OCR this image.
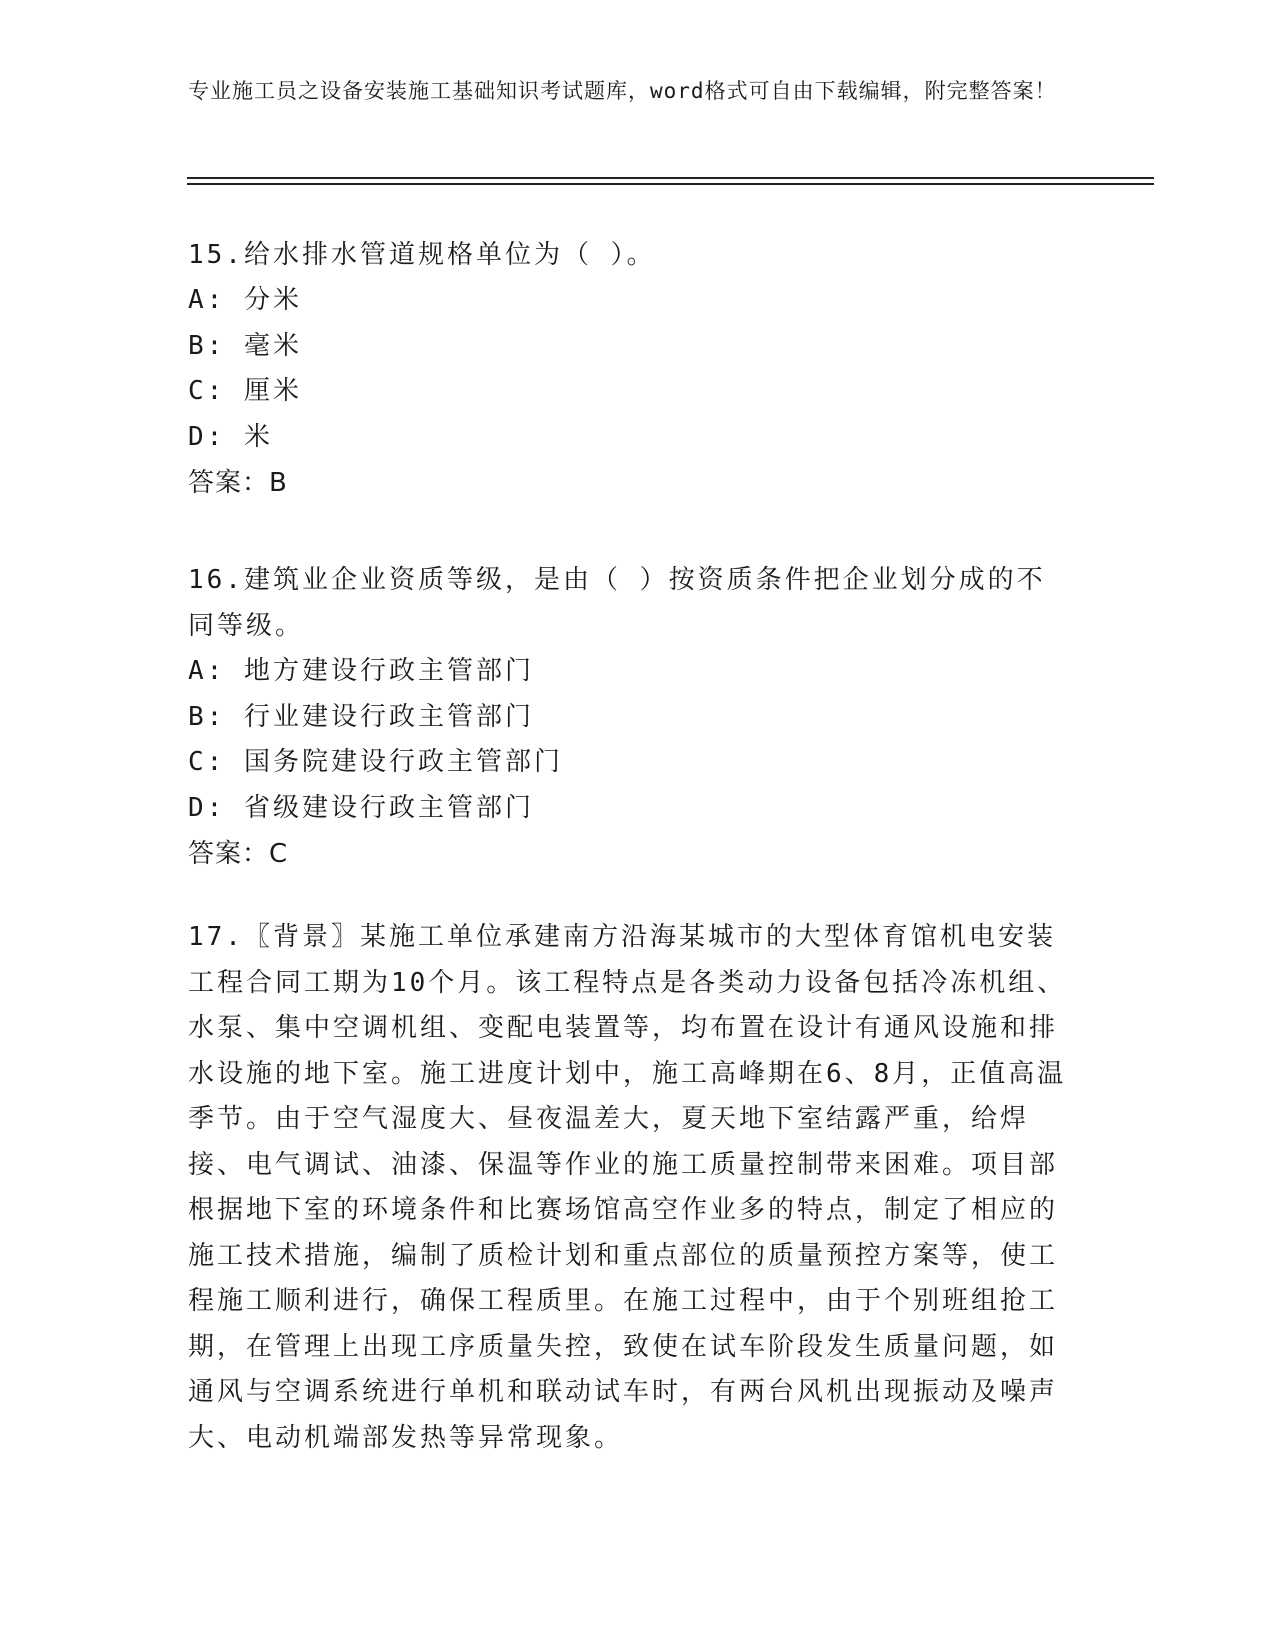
专业施工员之设备安装施工基础知识考试题库，word格式可自由下载编辑，附完整答案！

15.给水排水管道规格单位为（ ）。

A: 分米

B: 毫米

C: 厘米

D: 米

答案：B

16.建筑业企业资质等级，是由（ ）按资质条件把企业划分成的不同等级。

A: 地方建设行政主管部门

B: 行业建设行政主管部门

C: 国务院建设行政主管部门

D: 省级建设行政主管部门

答案：C

17.〖背景〗某施工单位承建南方沿海某城市的大型体育馆机电安装工程合同工期为10个月。该工程特点是各类动力设备包括冷冻机组、水泵、集中空调机组、变配电装置等，均布置在设计有通风设施和排水设施的地下室。施工进度计划中，施工高峰期在6、8月，正值高温季节。由于空气湿度大、昼夜温差大，夏天地下室结露严重，给焊接、电气调试、油漆、保温等作业的施工质量控制带来困难。项目部根据地下室的环境条件和比赛场馆高空作业多的特点，制定了相应的施工技术措施，编制了质检计划和重点部位的质量预控方案等，使工程施工顺利进行，确保工程质里。在施工过程中，由于个别班组抢工期，在管理上出现工序质量失控，致使在试车阶段发生质量问题，如通风与空调系统进行单机和联动试车时，有两台风机出现振动及噪声大、电动机端部发热等异常现象。
